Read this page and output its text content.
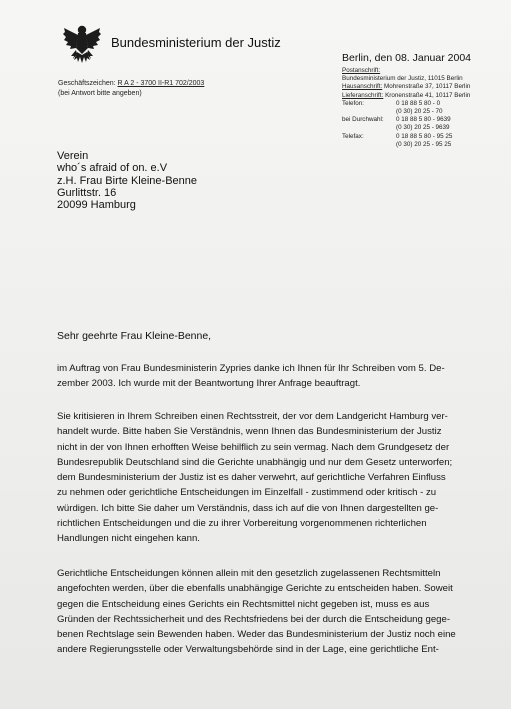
Bundesministerium der Justiz
Geschäftszeichen: R A 2 - 3700 II-R1 702/2003
(bei Antwort bitte angeben)
Berlin, den 08. Januar 2004
Postanschrift:
Bundesministerium der Justiz, 11015 Berlin
Hausanschrift: Mohrenstraße 37, 10117 Berlin
Lieferanschrift: Kronenstraße 41, 10117 Berlin
Telefon:	0 18 88 5 80 - 0
(0 30) 20 25 - 70
bei Durchwahl: 0 18 88 5 80 - 9639
(0 30) 20 25 - 9639
Telefax:	0 18 88 5 80 - 95 25
(0 30) 20 25 - 95 25
Verein
who´s afraid of on. e.V
z.H. Frau Birte Kleine-Benne
Gurlittstr. 16
20099 Hamburg
Sehr geehrte Frau Kleine-Benne,
im Auftrag von Frau Bundesministerin Zypries danke ich Ihnen für Ihr Schreiben vom 5. De-
zember 2003. Ich wurde mit der Beantwortung Ihrer Anfrage beauftragt.
Sie kritisieren in Ihrem Schreiben einen Rechtsstreit, der vor dem Landgericht Hamburg ver-
handelt wurde. Bitte haben Sie Verständnis, wenn Ihnen das Bundesministerium der Justiz
nicht in der von Ihnen erhofften Weise behilflich zu sein vermag. Nach dem Grundgesetz der
Bundesrepublik Deutschland sind die Gerichte unabhängig und nur dem Gesetz unterworfen;
dem Bundesministerium der Justiz ist es daher verwehrt, auf gerichtliche Verfahren Einfluss
zu nehmen oder gerichtliche Entscheidungen im Einzelfall - zustimmend oder kritisch - zu
würdigen. Ich bitte Sie daher um Verständnis, dass ich auf die von Ihnen dargestellten ge-
richtlichen Entscheidungen und die zu ihrer Vorbereitung vorgenommenen richterlichen
Handlungen nicht eingehen kann.
Gerichtliche Entscheidungen können allein mit den gesetzlich zugelassenen Rechtsmitteln
angefochten werden, über die ebenfalls unabhängige Gerichte zu entscheiden haben. Soweit
gegen die Entscheidung eines Gerichts ein Rechtsmittel nicht gegeben ist, muss es aus
Gründen der Rechtssicherheit und des Rechtsfriedens bei der durch die Entscheidung gege-
benen Rechtslage sein Bewenden haben. Weder das Bundesministerium der Justiz noch eine
andere Regierungsstelle oder Verwaltungsbehörde sind in der Lage, eine gerichtliche Ent-
